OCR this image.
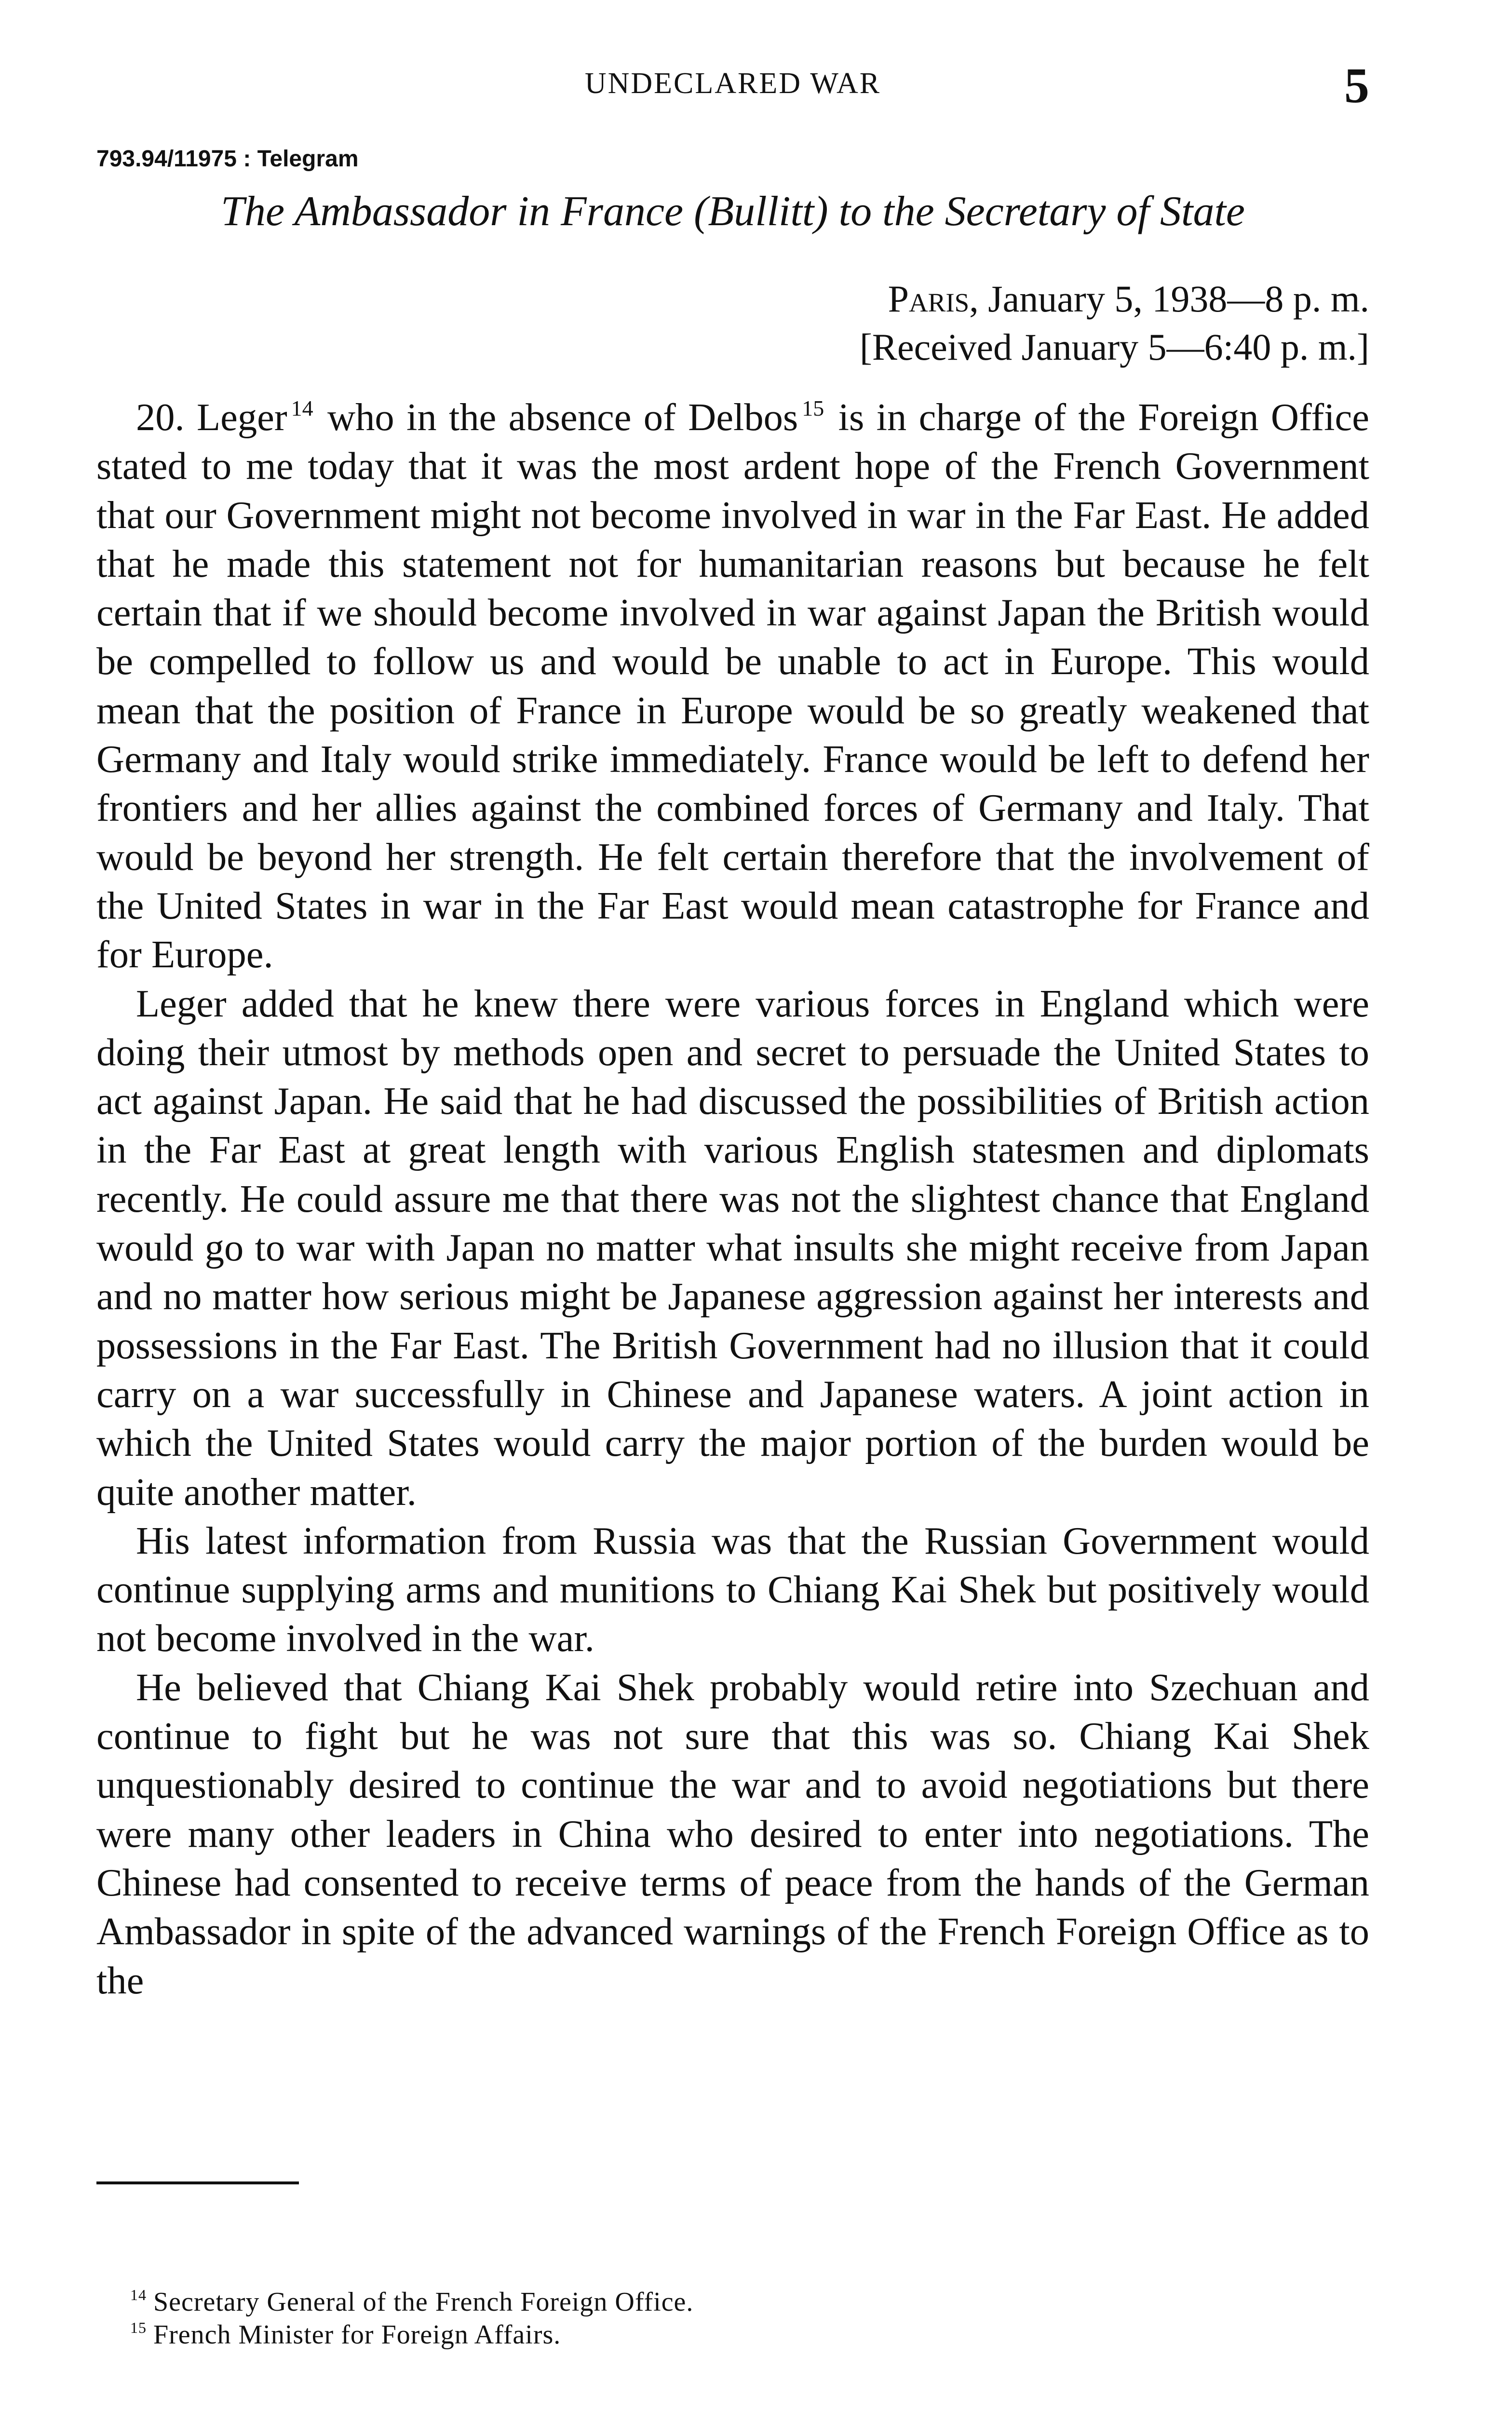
UNDECLARED WAR	5
793.94/11975 : Telegram
The Ambassador in France (Bullitt) to the Secretary of State
Paris, January 5, 1938—8 p. m.
[Received January 5—6:40 p. m.]

20. Leger $^{14}$ who in the absence of Delbos $^{15}$ is in charge of the Foreign Office stated to me today that it was the most ardent hope of the French Government that our Government might not become involved in war in the Far East. He added that he made this statement not for humanitarian reasons but because he felt certain that if we should become involved in war against Japan the British would be compelled to follow us and would be unable to act in Europe. This would mean that the position of France in Europe would be so greatly weakened that Germany and Italy would strike immediately. France would be left to defend her frontiers and her allies against the combined forces of Germany and Italy. That would be beyond her strength. He felt certain therefore that the involvement of the United States in war in the Far East would mean catastrophe for France and for Europe.

Leger added that he knew there were various forces in England which were doing their utmost by methods open and secret to persuade the United States to act against Japan. He said that he had discussed the possibilities of British action in the Far East at great length with various English statesmen and diplomats recently. He could assure me that there was not the slightest chance that England would go to war with Japan no matter what insults she might receive from Japan and no matter how serious might be Japanese aggression against her interests and possessions in the Far East. The British Government had no illusion that it could carry on a war successfully in Chinese and Japanese waters. A joint action in which the United States would carry the major portion of the burden would be quite another matter.

His latest information from Russia was that the Russian Government would continue supplying arms and munitions to Chiang Kai Shek but positively would not become involved in the war.

He believed that Chiang Kai Shek probably would retire into Szechuan and continue to fight but he was not sure that this was so. Chiang Kai Shek unquestionably desired to continue the war and to avoid negotiations but there were many other leaders in China who desired to enter into negotiations. The Chinese had consented to receive terms of peace from the hands of the German Ambassador in spite of the advanced warnings of the French Foreign Office as to the

$^{14}$ Secretary General of the French Foreign Office.
$^{15}$ French Minister for Foreign Affairs.
